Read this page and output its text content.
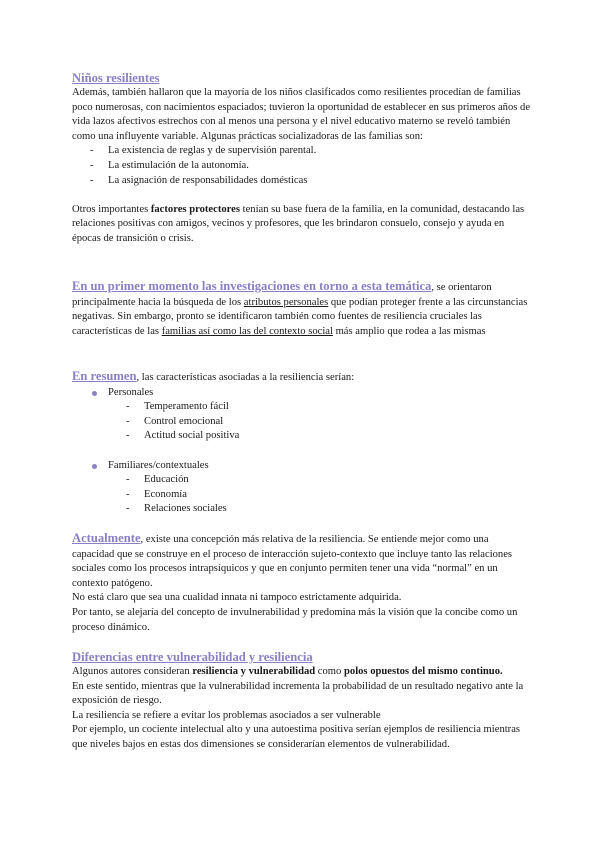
Niños resilientes

Además, también hallaron que la mayoría de los niños clasificados como resilientes procedían de familias poco numerosas, con nacimientos espaciados; tuvieron la oportunidad de establecer en sus primeros años de vida lazos afectivos estrechos con al menos una persona y el nivel educativo materno se reveló también como una influyente variable. Algunas prácticas socializadoras de las familias son:

- La existencia de reglas y de supervisión parental.
- La estimulación de la autonomía.
- La asignación de responsabilidades domésticas

Otros importantes factores protectores tenían su base fuera de la familia, en la comunidad, destacando las relaciones positivas con amigos, vecinos y profesores, que les brindaron consuelo, consejo y ayuda en épocas de transición o crisis.

En un primer momento las investigaciones en torno a esta temática, se orientaron principalmente hacia la búsqueda de los atributos personales que podían proteger frente a las circunstancias negativas. Sin embargo, pronto se identificaron también como fuentes de resiliencia cruciales las características de las familias así como las del contexto social más amplio que rodea a las mismas

En resumen, las características asociadas a la resiliencia serían:

Personales
- Temperamento fácil
- Control emocional
- Actitud social positiva
Familiares/contextuales
- Educación
- Economía
- Relaciones sociales

Actualmente, existe una concepción más relativa de la resiliencia. Se entiende mejor como una capacidad que se construye en el proceso de interacción sujeto-contexto que incluye tanto las relaciones sociales como los procesos intrapsíquicos y que en conjunto permiten tener una vida “normal” en un contexto patógeno.

No está claro que sea una cualidad innata ni tampoco estrictamente adquirida.

Por tanto, se alejaría del concepto de invulnerabilidad y predomina más la visión que la concibe como un proceso dinámico.

Diferencias entre vulnerabilidad y resiliencia

Algunos autores consideran resiliencia y vulnerabilidad como polos opuestos del mismo continuo.

En este sentido, mientras que la vulnerabilidad incrementa la probabilidad de un resultado negativo ante la exposición de riesgo.

La resiliencia se refiere a evitar los problemas asociados a ser vulnerable

Por ejemplo, un cociente intelectual alto y una autoestima positiva serían ejemplos de resiliencia mientras que niveles bajos en estas dos dimensiones se considerarían elementos de vulnerabilidad.
